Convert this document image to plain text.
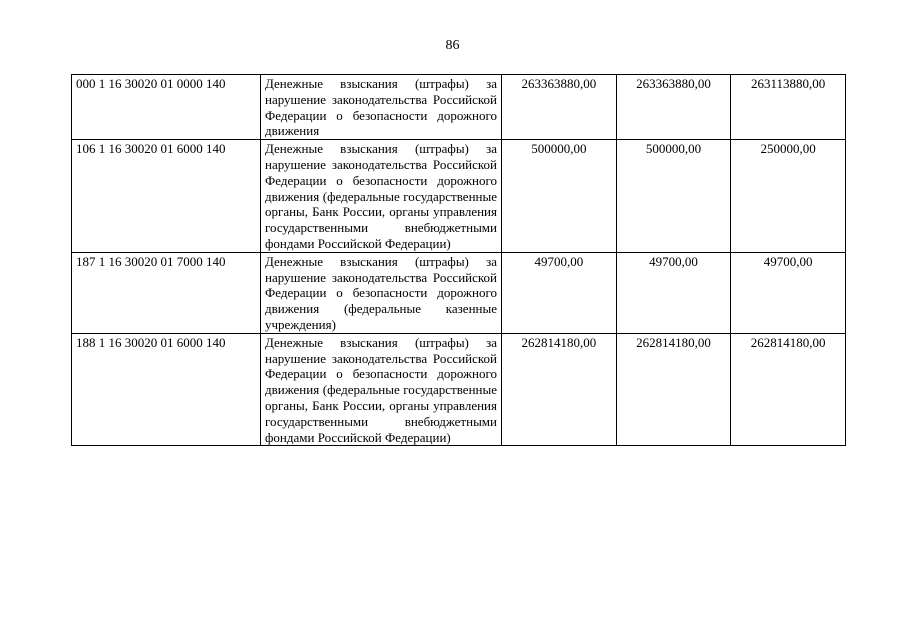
86
000 1 16 30020 01 0000 140	Денежные взыскания (штрафы) за нарушение законодательства Российской Федерации о безопасности дорожного движения	263363880,00	263363880,00	263113880,00
106 1 16 30020 01 6000 140	Денежные взыскания (штрафы) за нарушение законодательства Российской Федерации о безопасности дорожного движения (федеральные государственные органы, Банк России, органы управления государственными внебюджетными фондами Российской Федерации)	500000,00	500000,00	250000,00
187 1 16 30020 01 7000 140	Денежные взыскания (штрафы) за нарушение законодательства Российской Федерации о безопасности дорожного движения (федеральные казенные учреждения)	49700,00	49700,00	49700,00
188 1 16 30020 01 6000 140	Денежные взыскания (штрафы) за нарушение законодательства Российской Федерации о безопасности дорожного движения (федеральные государственные органы, Банк России, органы управления государственными внебюджетными фондами Российской Федерации)	262814180,00	262814180,00	262814180,00
